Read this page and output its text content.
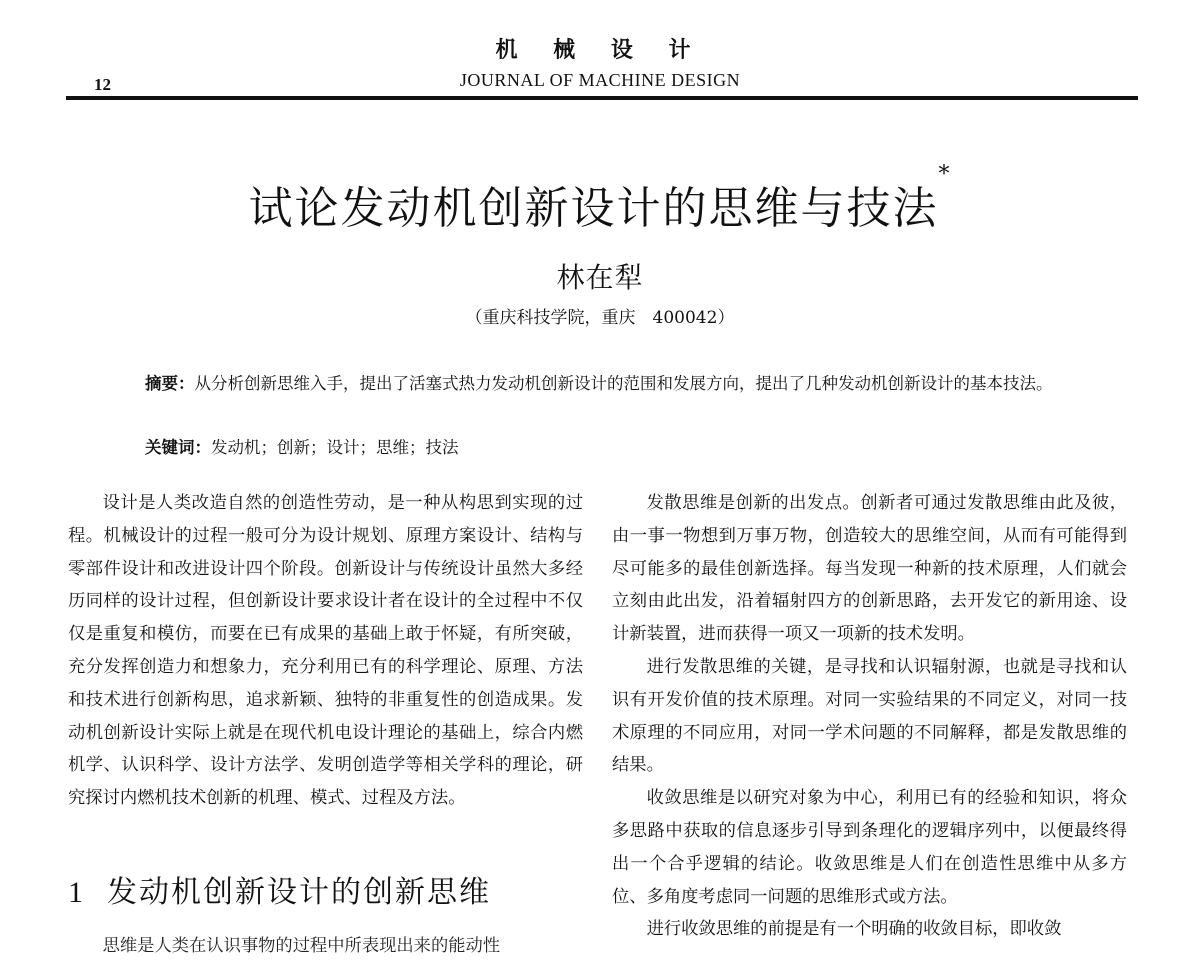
机 械 设 计
12	JOURNAL OF MACHINE DESIGN
试论发动机创新设计的思维与技法*
林在犁
（重庆科技学院，重庆　400042）

摘要：从分析创新思维入手，提出了活塞式热力发动机创新设计的范围和发展方向，提出了几种发动机创新设计的基本技法。

关键词：发动机；创新；设计；思维；技法

设计是人类改造自然的创造性劳动，是一种从构思到实现的过程。机械设计的过程一般可分为设计规划、原理方案设计、结构与零部件设计和改进设计四个阶段。创新设计与传统设计虽然大多经历同样的设计过程，但创新设计要求设计者在设计的全过程中不仅仅是重复和模仿，而要在已有成果的基础上敢于怀疑，有所突破，充分发挥创造力和想象力，充分利用已有的科学理论、原理、方法和技术进行创新构思，追求新颖、独特的非重复性的创造成果。发动机创新设计实际上就是在现代机电设计理论的基础上，综合内燃机学、认识科学、设计方法学、发明创造学等相关学科的理论，研究探讨内燃机技术创新的机理、模式、过程及方法。

1 发动机创新设计的创新思维
思维是人类在认识事物的过程中所表现出来的能动性

发散思维是创新的出发点。创新者可通过发散思维由此及彼，由一事一物想到万事万物，创造较大的思维空间，从而有可能得到尽可能多的最佳创新选择。每当发现一种新的技术原理，人们就会立刻由此出发，沿着辐射四方的创新思路，去开发它的新用途、设计新装置，进而获得一项又一项新的技术发明。

进行发散思维的关键，是寻找和认识辐射源，也就是寻找和认识有开发价值的技术原理。对同一实验结果的不同定义，对同一技术原理的不同应用，对同一学术问题的不同解释，都是发散思维的结果。

收敛思维是以研究对象为中心，利用已有的经验和知识，将众多思路中获取的信息逐步引导到条理化的逻辑序列中，以便最终得出一个合乎逻辑的结论。收敛思维是人们在创造性思维中从多方位、多角度考虑同一问题的思维形式或方法。

进行收敛思维的前提是有一个明确的收敛目标，即收敛
